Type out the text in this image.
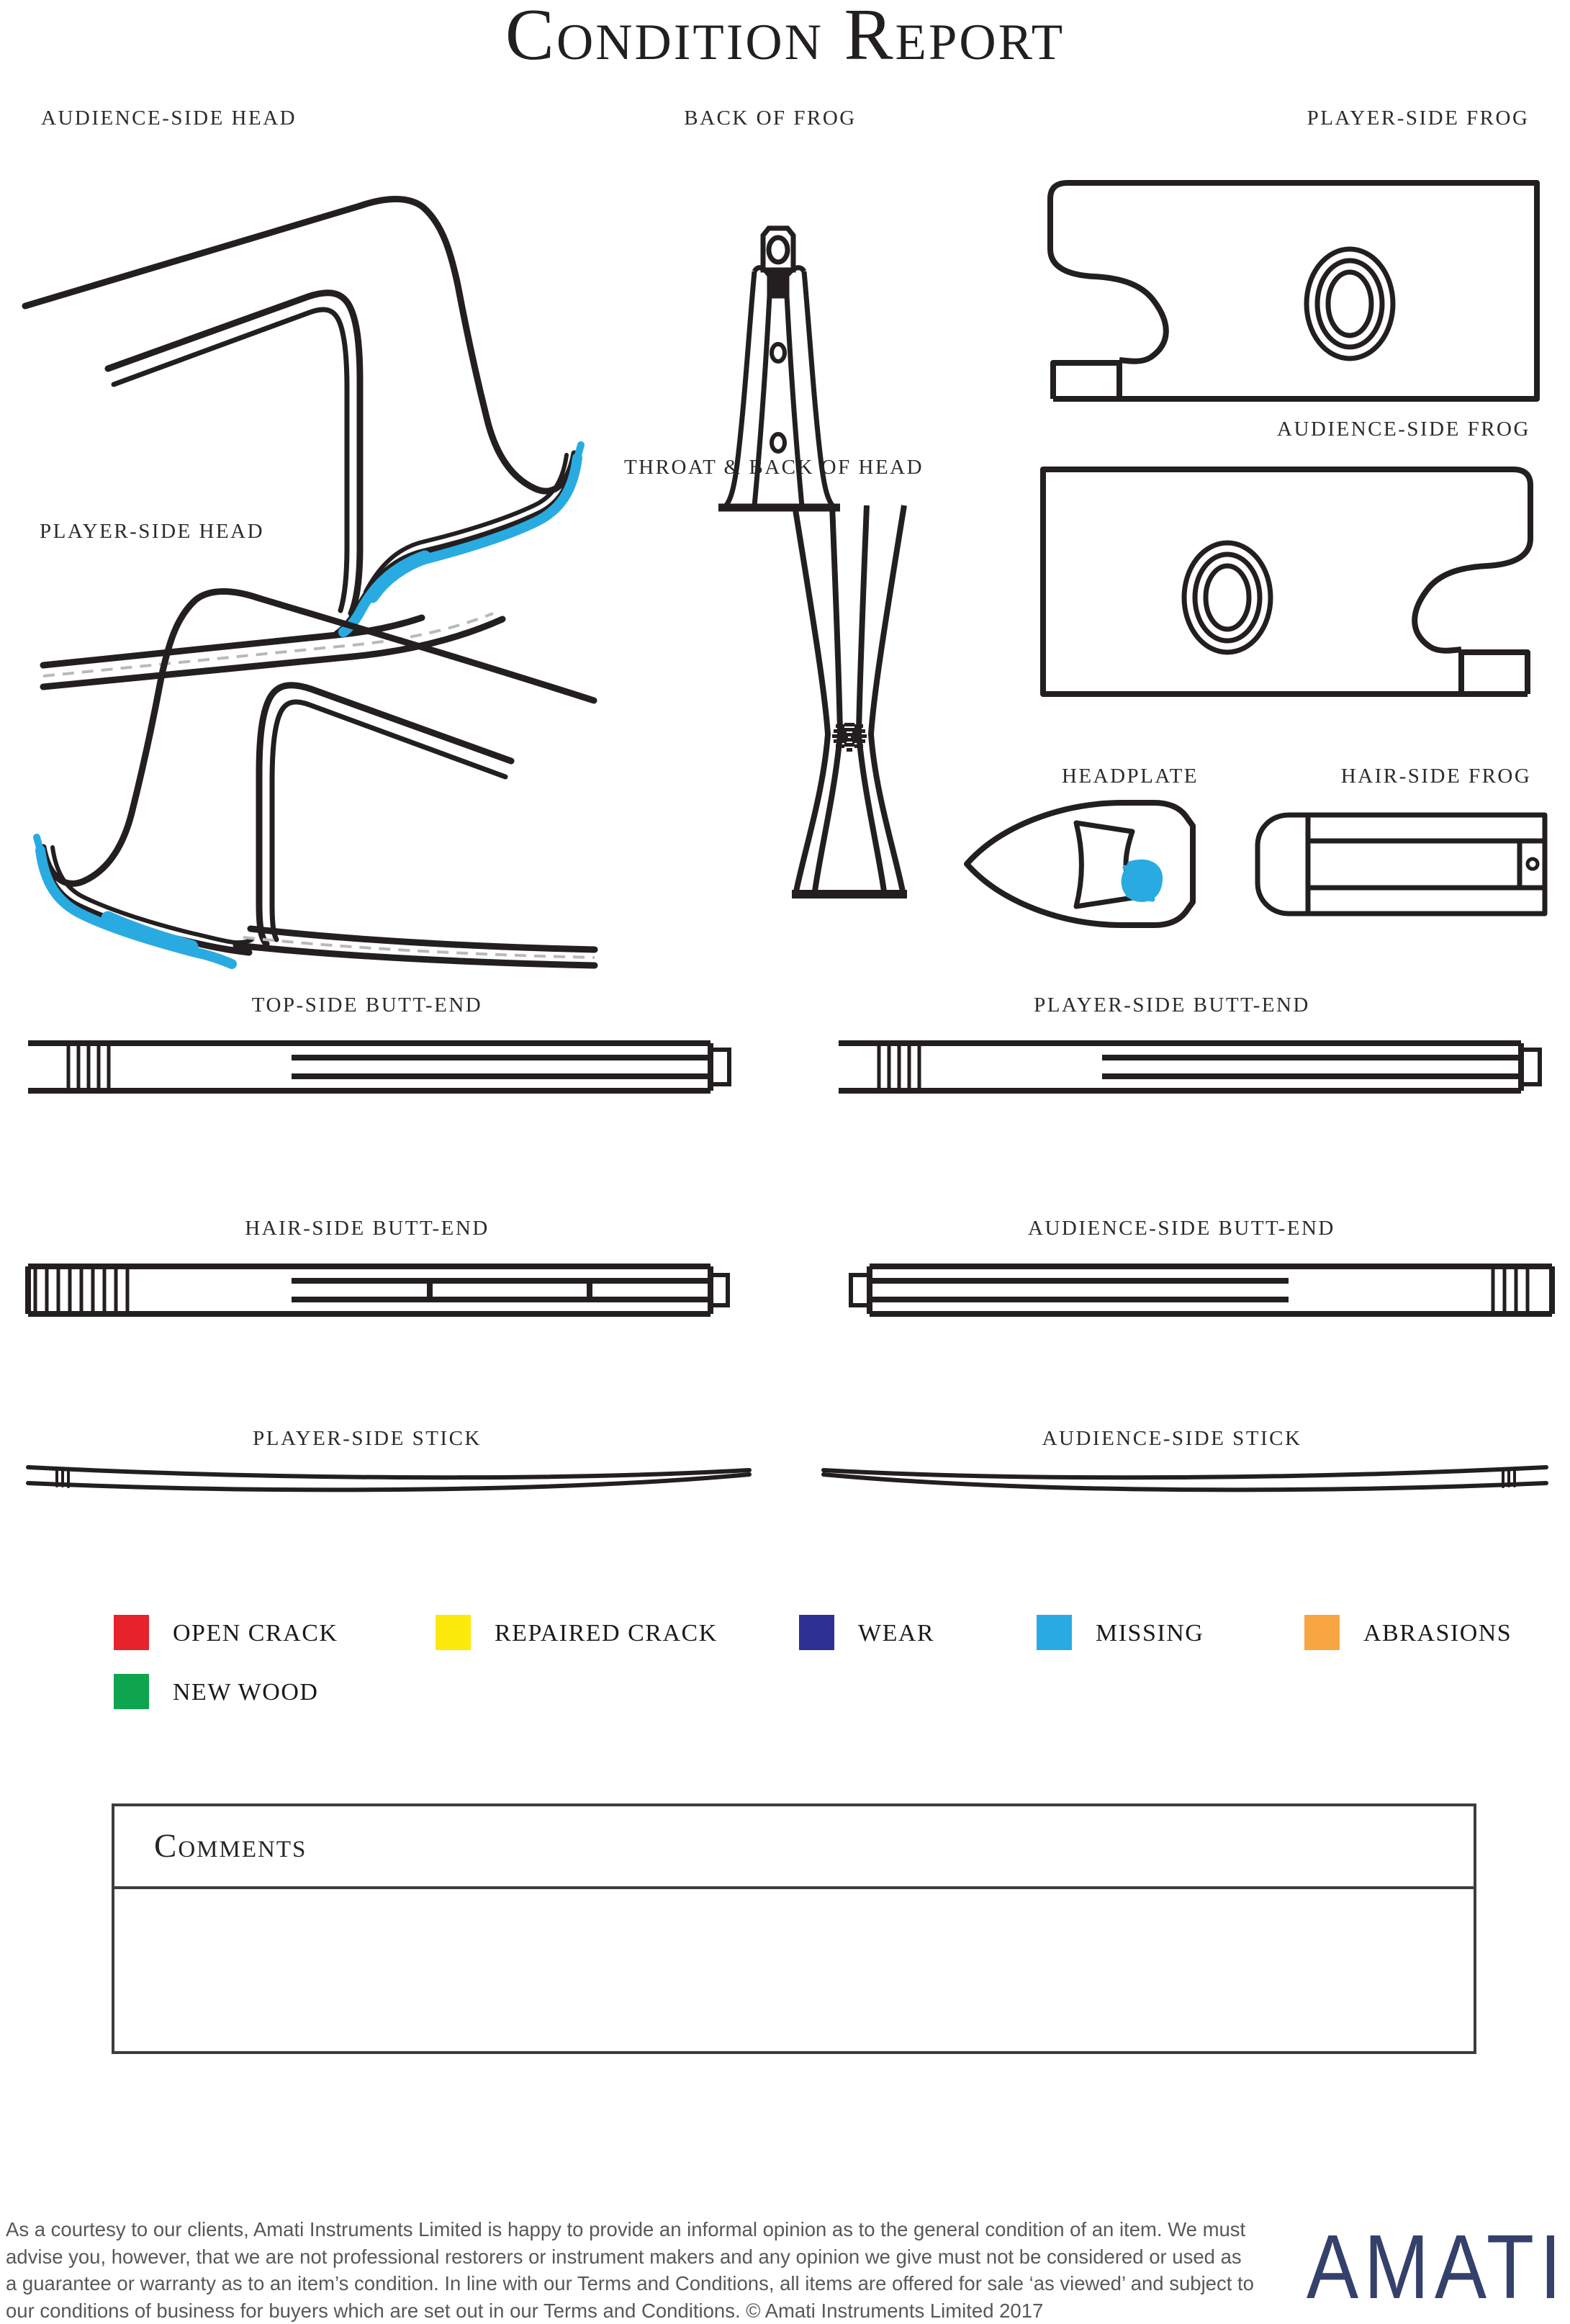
Condition Report
AUDIENCE-SIDE HEAD	BACK OF FROG	PLAYER-SIDE FROG
AUDIENCE-SIDE FROG
PLAYER-SIDE HEAD
THROAT & BACK OF HEAD
HEADPLATE	HAIR-SIDE FROG
TOP-SIDE BUTT-END	PLAYER-SIDE BUTT-END
HAIR-SIDE BUTT-END	AUDIENCE-SIDE BUTT-END
PLAYER-SIDE STICK	AUDIENCE-SIDE STICK
OPEN CRACK	REPAIRED CRACK	WEAR	MISSING	ABRASIONS
NEW WOOD
Comments
As a courtesy to our clients, Amati Instruments Limited is happy to provide an informal opinion as to the general condition of an item. We must
advise you, however, that we are not professional restorers or instrument makers and any opinion we give must not be considered or used as
a guarantee or warranty as to an item’s condition. In line with our Terms and Conditions, all items are offered for sale ‘as viewed’ and subject to
our conditions of business for buyers which are set out in our Terms and Conditions. © Amati Instruments Limited 2017	AMATI
